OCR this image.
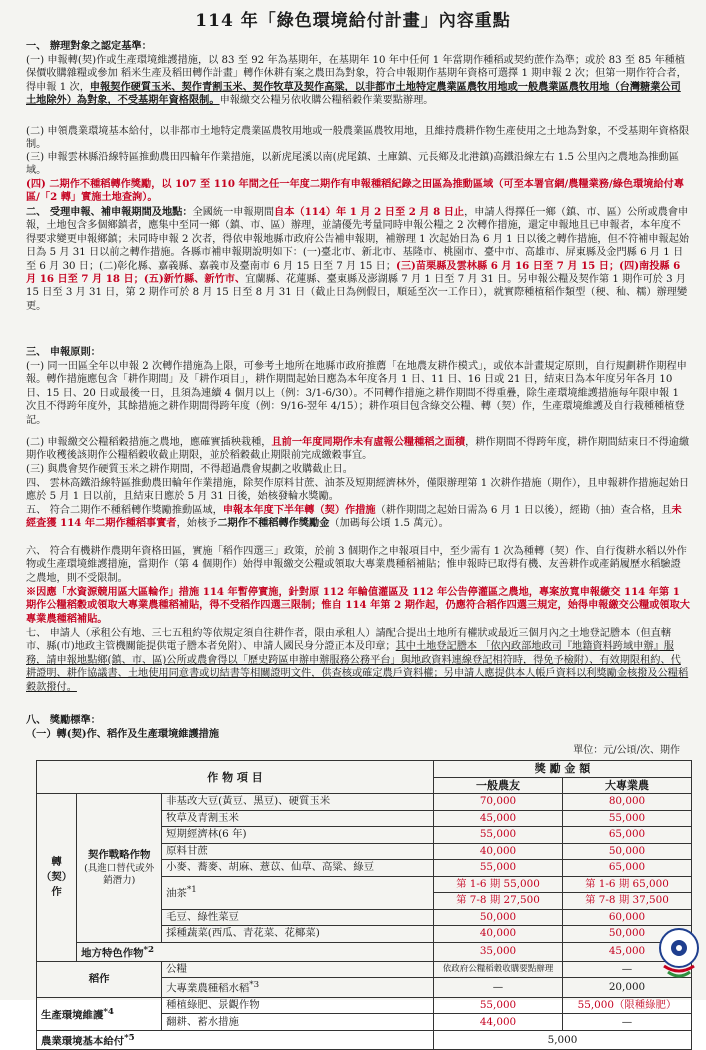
114 年「綠色環境給付計畫」內容重點
一、 辦理對象之認定基準：
(一) 申報轉(契)作或生產環境維護措施，以 83 至 92 年為基期年，在基期年 10 年中任何 1 年當期作種稻或契約蔗作為準；或於 83 至 85 年種植保價收購雜糧或參加 稻米生產及稻田轉作計畫」轉作休耕有案之農田為對象，符合申報期作基期年資格可選擇 1 期申報 2 次；但第一期作符合者，得申報 1 次，申報契作硬質玉米、契作青割玉米、契作牧草及契作高粱，以非都市土地特定農業區農牧用地或一般農業區農牧用地（台灣糖業公司土地除外）為對象，不受基期年資格限制。申報繳交公糧另依收購公糧稻穀作業要點辦理。
(二) 申領農業環境基本給付，以非都市土地特定農業區農牧用地或一般農業區農牧用地，且維持農耕作物生產使用之土地為對象，不受基期年資格限制。
(三) 申報雲林縣沿線特區推動農田四輪年作業措施，以新虎尾溪以南(虎尾鎮、土庫鎮、元長鄉及北港鎮)高鐵沿線左右 1.5 公里內之農地為推動區域。
(四) 二期作不種稻轉作獎勵，以 107 至 110 年間之任一年度二期作有申報種稻紀錄之田區為推動區域（可至本署官網/農糧業務/綠色環境給付專區/「2 轉」實施土地查詢）。
二、 受理申報、補申報期間及地點：全國統一申報期間自本（114）年 1 月 2 日至 2 月 8 日止，申請人得擇任一鄉（鎮、市、區）公所或農會申報，土地包含多個鄉鎮者，應集中至同一鄉（鎮、市、區）辦理，並請優先考量同時申報公糧之 2 次轉作措施，還定申報地且已申報者，本年度不得要求變更申報鄉鎮；未同時申報 2 次者，得依申報地縣市政府公告補申報期，補辦理 1 次起始日為 6 月 1 日以後之轉作措施，但不符補申報起始日為 5 月 31 日以前之轉作措施。各縣市補申報期說明如下：(一)臺北市、新北市、基隆市、桃園市、臺中市、高雄市、屏東縣及金門縣 6 月 1 日至 6 月 30 日；(二)彰化縣、嘉義縣、嘉義市及臺南市 6 月 15 日至 7 月 15 日；(三)苗栗縣及雲林縣 6 月 16 日至 7 月 15 日；(四)南投縣 6 月 16 日至 7 月 18 日；(五)新竹縣、新竹市、宜蘭縣、花蓮縣、臺東縣及澎湖縣 7 月 1 日至 7 月 31 日。另申報公糧及契作第 1 期作可於 3 月 15 日至 3 月 31 日，第 2 期作可於 8 月 15 日至 8 月 31 日（截止日為例假日，順延至次一工作日），就實際種植稻作類型（稉、秈、糯）辦理變更。
三、 申報原則：
(一) 同一田區全年以申報 2 次轉作措施為上限，可參考土地所在地縣市政府推薦「在地農友耕作模式」，或依本計畫規定原則，自行規劃耕作期程申報。轉作措施應包含「耕作期間」及「耕作項目」，耕作期間起始日應為本年度各月 1 日、11 日、16 日或 21 日，結束日為本年度另年各月 10 日、15 日、20 日或最後一日，且須為連續 4 個月以上（例：3/1-6/30）。不同轉作措施之耕作期間不得重疊，除生產環境維護措施每年限申報 1 次且不得跨年度外，其餘措施之耕作期間得跨年度（例：9/16-翌年 4/15）；耕作項目包含綠交公糧、轉（契）作，生產環境維護及自行栽種種植登記。
(二) 申報繳交公糧稻穀措施之農地，應確實插秧栽種，且前一年度同期作未有虛報公糧種稻之面積，耕作期間不得跨年度，耕作期間結束日不得逾繳期作收穫後該期作公糧稻穀收截止期限，並於稻穀截止期限前完成繳穀事宜。
(三) 與農會契作硬質玉米之耕作期間，不得超過農會規劃之收購截止日。
四、 雲林高鐵沿線特區推動農田輪年作業措施，除契作原料甘蔗、油茶及短期經濟林外，僅限辦理第 1 次耕作措施（期作），且申報耕作措施起始日應於 5 月 1 日以前，且結束日應於 5 月 31 日後，始核發輪水獎勵。
五、 符合二期作不種稻轉作獎勵推動區域，申報本年度下半年轉（契）作措施（耕作期間之起始日需為 6 月 1 日以後），經勘（抽）查合格，且未經查獲 114 年二期作種稻事實者，始核予二期作不種稻轉作獎勵金（加碼每公頃 1.5 萬元）。
六、 符合有機耕作農期年資格田區，實施「稻作四選三」政策，於前 3 個期作之申報項目中，至少需有 1 次為種轉（契）作、自行復耕水稻以外作物或生產環境維護措施，當期作（第 4 個期作）始得申報繳交公糧或領取大專業農種稻補貼；惟申報時已取得有機、友善耕作或產銷履歷水稻驗證之農地，則不受限制。
※因應「水資源競用區大區輪作」措施 114 年暫停實施，針對原 112 年輪值灌區及 112 年公告停灌區之農地，專案放寬申報繳交 114 年第 1 期作公糧稻穀或領取大專業農種稻補貼，得不受稻作四選三限制；惟自 114 年第 2 期作起，仍應符合稻作四選三規定，始得申報繳交公糧或領取大專業農種稻補貼。
七、 申請人（承租公有地、三七五租約等依規定須自往耕作者，限由承租人）請配合提出土地所有權狀或最近三個月內之土地登記謄本（但直轄市、縣(市)地政主管機關能提供電子謄本者免附）、申請人國民身分證正本及印章；其中土地登記謄本 「依內政部地政司『地籍資料跨域申辦』服務，請申報地點鄉(鎮、市、區)公所或農會得以「歷史跨區申辦申辦服務公務平台」與地政資料連線登記相符時，得免予檢附）、有效期限租約、代耕證明、耕作協議書、土地使用同意書或切結書等相關證明文件，供查核或確定農戶資料權；另申請人應提供本人帳戶資料以利獎勵金核撥及公糧稻穀款撥付。
八、 獎勵標準：
（一）轉(契)作、稻作及生產環境維護措施
單位：元/公頃/次、期作
作 物 項 目			獎 勵 金 額	
			一般農友	大專業農
轉（契）作	契作戰略作物
(具進口替代或外銷潛力)	非基改大豆(黃豆、黑豆)、硬質玉米	70,000	80,000
		牧草及青割玉米	45,000	55,000
		短期經濟林(6 年)	55,000	65,000
		原料甘蔗	40,000	50,000
		小麥、蕎麥、胡麻、薏苡、仙草、高粱、綠豆	55,000	65,000
		油茶$^{*1}$	第 1-6 期 55,000	第 1-6 期 65,000
			第 7-8 期 27,500	第 7-8 期 37,500
		毛豆、綠性菜豆	50,000	60,000
		採種蔬菜(西瓜、青花菜、花椰菜)	40,000	50,000
	地方特色作物$^{*2}$		35,000	45,000
稻作		公糧	依政府公糧稻穀收購要點辦理	—
		大專業農種稻水稻$^{*3}$	—	20,000
生產環境維護$^{*4}$		種植綠肥、景觀作物	55,000	55,000（限種綠肥）
		翻耕、蓄水措施	44,000	—
農業環境基本給付$^{*5}$			5,000	
